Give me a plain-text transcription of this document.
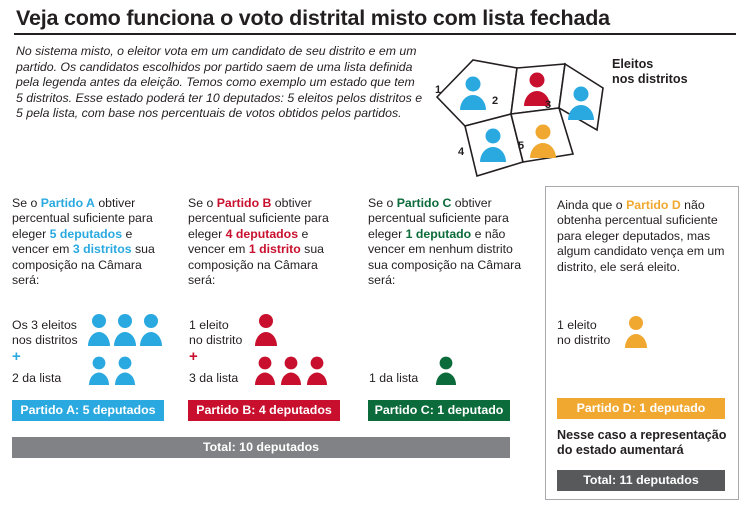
Veja como funciona o voto distrital misto com lista fechada
No sistema misto, o eleitor vota em um candidato de seu distrito e em um partido. Os candidatos escolhidos por partido saem de uma lista definida pela legenda antes da eleição. Temos como exemplo um estado que tem 5 distritos. Esse estado poderá ter 10 deputados: 5 eleitos pelos distritos e 5 pela lista, com base nos percentuais de votos obtidos pelos partidos.
1
2	3
4	5
Eleitos
nos distritos

Se o Partido A obtiver percentual suficiente para eleger 5 deputados e vencer em 3 distritos sua composição na Câmara será:

Os 3 eleitos
nos distritos
+
2 da lista
Partido A: 5 deputados

Se o Partido B obtiver percentual suficiente para eleger 4 deputados e vencer em 1 distrito sua composição na Câmara será:

1 eleito
no distrito
+
3 da lista
Partido B: 4 deputados

Se o Partido C obtiver percentual suficiente para eleger 1 deputado e não vencer em nenhum distrito sua composição na Câmara será:

1 da lista
Partido C: 1 deputado
Total: 10 deputados
Ainda que o Partido D não obtenha percentual suficiente para eleger deputados, mas algum candidato vença em um distrito, ele será eleito.
1 eleito
no distrito
Partido D: 1 deputado
Nesse caso a representação
do estado aumentará
Total: 11 deputados
